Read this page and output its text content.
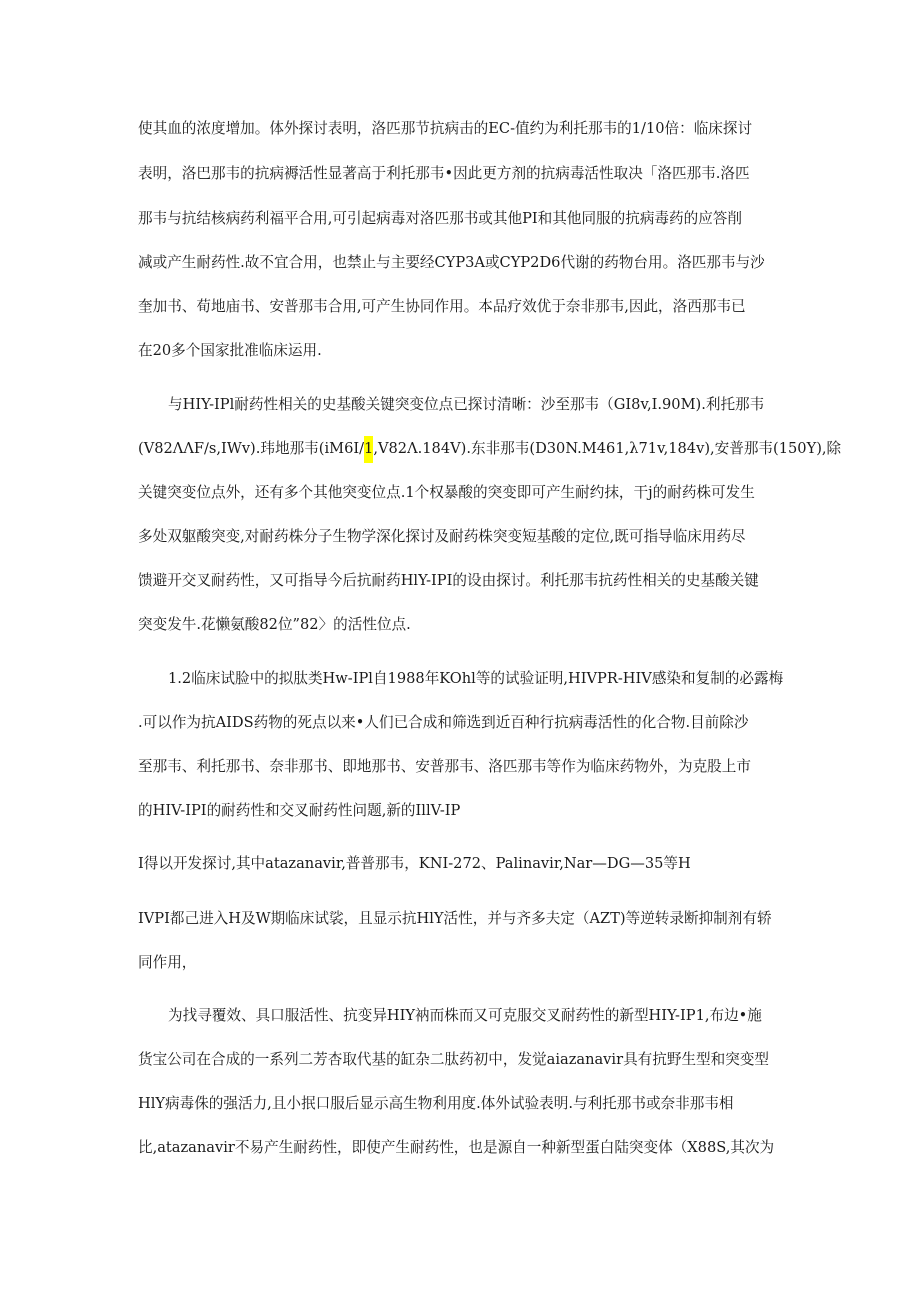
使其血的浓度增加。体外探讨表明，洛匹那节抗病击的EC-值约为利托那韦的1/10倍：临床探讨
表明，洛巴那韦的抗病褥活性显著高于利托那韦•因此更方剂的抗病毒活性取决「洛匹那韦.洛匹
那韦与抗结核病药利福平合用,可引起病毒对洛匹那书或其他PI和其他同服的抗病毒药的应答削
减或产生耐药性.故不宜合用，也禁止与主要经CYP3A或CYP2D6代谢的药物台用。洛匹那韦与沙
奎加书、荀地庙书、安普那韦合用,可产生协同作用。本品疗效优于奈非那韦,因此，洛西那韦已
在20多个国家批准临床运用.
与HIY-IPl耐药性相关的史基酸关键突变位点已探讨清晰：沙至那韦（GI8v,I.90M).利托那韦
(V82ΛΛF∕s,IWv).玮地那韦(iM6I/1,V82Λ.184V).东非那韦(D30N.M461,λ71v,184v),安普那韦(150Y),除
关键突变位点外，还有多个其他突变位点.1个权暴酸的突变即可产生耐约抹，干j的耐药株可发生
多处双躯酸突变,对耐药株分子生物学深化探讨及耐药株突变短基酸的定位,既可指导临床用药尽
馈避开交叉耐药性，又可指导今后抗耐药HlY-IPI的设由探讨。利托那韦抗药性相关的史基酸关键
突变发牛.花懒氨酸82位”82〉的活性位点.
1.2临床试脸中的拟肽类Hw-IPl自1988年KOhl等的试验证明,HIVPR-HIV感染和复制的必露梅
.可以作为抗AIDS药物的死点以来•人们已合成和筛选到近百种行抗病毒活性的化合物.目前除沙
至那韦、利托那书、奈非那书、即地那书、安普那韦、洛匹那韦等作为临床药物外，为克股上市
的HIV-IPI的耐药性和交叉耐药性问题,新的IllV-IP
I得以开发探讨,其中atazanavir,普普那韦，KNI-272、Palinavir,Nar—DG—35等H
IVPI都己进入H及W期临床试裟，且显示抗HlY活性，并与齐多夫定（AZT)等逆转录断抑制剂有轿
同作用，
为找寻覆效、具口服活性、抗变异HIY衲而株而又可克服交叉耐药性的新型HIY-IP1,布边•施
货宝公司在合成的一系列二芳杏取代基的缸杂二肽药初中，发觉aiazanavir具有抗野生型和突变型
HlY病毒侏的强活力,且小抿口服后显示高生物利用度.体外试验表明.与利托那书或奈非那韦相
比,atazanavir不易产生耐药性，即使产生耐药性，也是源自一种新型蛋白陆突变体（X88S,其次为
